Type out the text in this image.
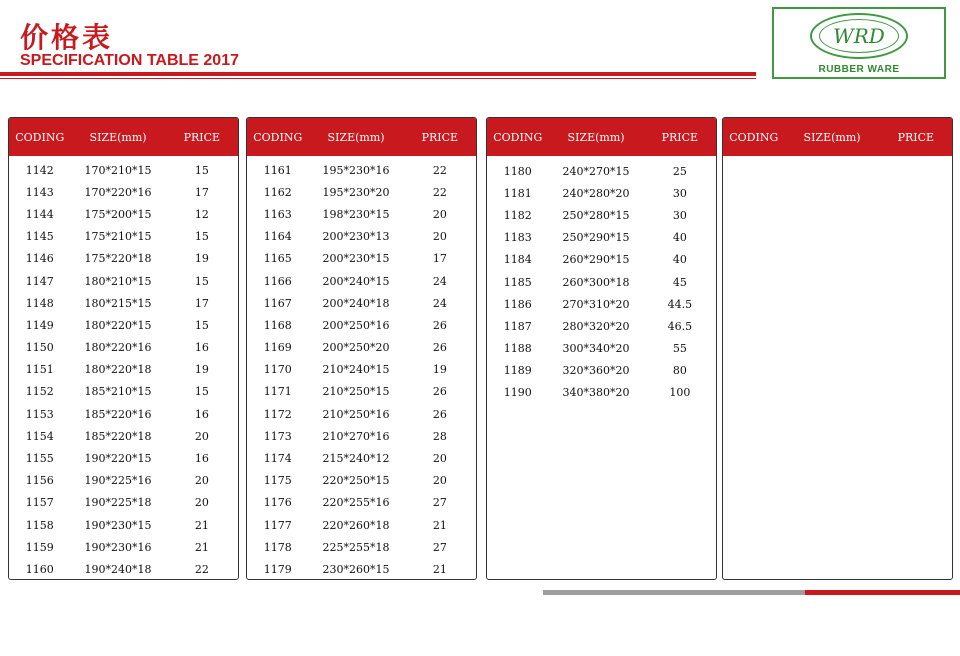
价格表
SPECIFICATION TABLE 2017
WRD
RUBBER WARE
CODING	SIZE(mm)	PRICE
1142	170*210*15	15
1143	170*220*16	17
1144	175*200*15	12
1145	175*210*15	15
1146	175*220*18	19
1147	180*210*15	15
1148	180*215*15	17
1149	180*220*15	15
1150	180*220*16	16
1151	180*220*18	19
1152	185*210*15	15
1153	185*220*16	16
1154	185*220*18	20
1155	190*220*15	16
1156	190*225*16	20
1157	190*225*18	20
1158	190*230*15	21
1159	190*230*16	21
1160	190*240*18	22
CODING	SIZE(mm)	PRICE
1161	195*230*16	22
1162	195*230*20	22
1163	198*230*15	20
1164	200*230*13	20
1165	200*230*15	17
1166	200*240*15	24
1167	200*240*18	24
1168	200*250*16	26
1169	200*250*20	26
1170	210*240*15	19
1171	210*250*15	26
1172	210*250*16	26
1173	210*270*16	28
1174	215*240*12	20
1175	220*250*15	20
1176	220*255*16	27
1177	220*260*18	21
1178	225*255*18	27
1179	230*260*15	21
CODING	SIZE(mm)	PRICE
1180	240*270*15	25
1181	240*280*20	30
1182	250*280*15	30
1183	250*290*15	40
1184	260*290*15	40
1185	260*300*18	45
1186	270*310*20	44.5
1187	280*320*20	46.5
1188	300*340*20	55
1189	320*360*20	80
1190	340*380*20	100
CODING	SIZE(mm)	PRICE
